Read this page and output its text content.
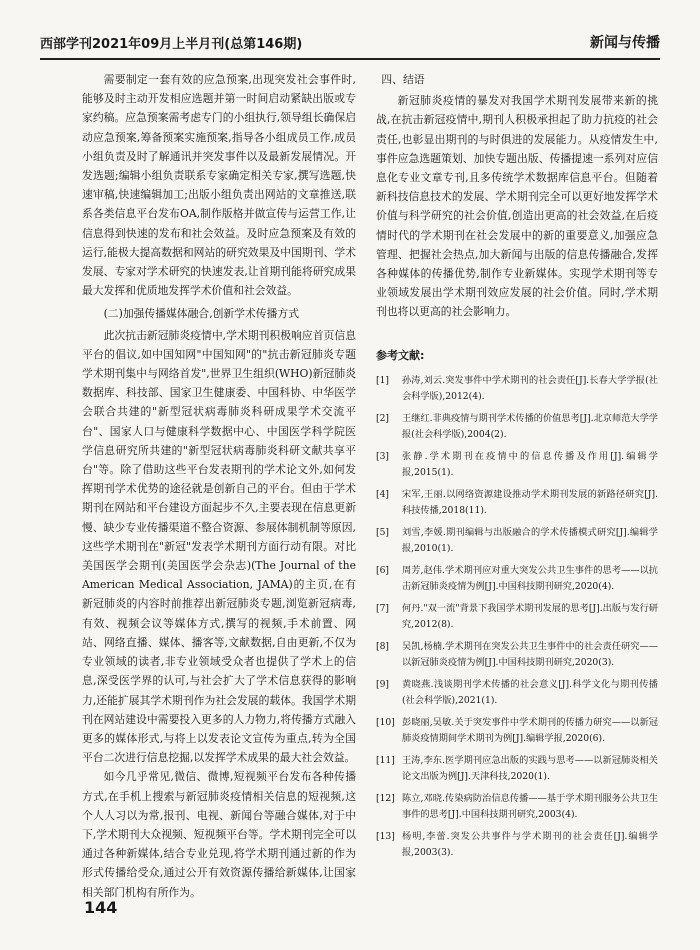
西部学刊2021年09月上半月刊(总第146期)	新闻与传播

需要制定一套有效的应急预案,出现突发社会事件时,能够及时主动开发相应选题并第一时间启动紧缺出版或专家约稿。应急预案需考虑专门的小组执行,领导组长确保启动应急预案,筹备预案实施预案,指导各小组成员工作,成员小组负责及时了解通讯并突发事件以及最新发展情况。开发选题;编辑小组负责联系专家确定相关专家,撰写选题,快速审稿,快速编辑加工;出版小组负责出网站的文章推送,联系各类信息平台发布OA,制作版格并做宣传与运营工作,让信息得到快速的发布和社会效益。及时应急预案及有效的运行,能极大提高数据和网站的研究效果及中国期刊、学术发展、专家对学术研究的快速发表,让首期刊能将研究成果最大发挥和优质地发挥学术价值和社会效益。

(二)加强传播媒体融合,创新学术传播方式

此次抗击新冠肺炎疫情中,学术期刊积极响应首页信息平台的倡议,如中国知网"中国知网"的"抗击新冠肺炎专题学术期刊集中与网络首发",世界卫生组织(WHO)新冠肺炎数据库、科技部、国家卫生健康委、中国科协、中华医学会联合共建的"新型冠状病毒肺炎科研成果学术交流平台"、国家人口与健康科学数据中心、中国医学科学院医学信息研究所共建的"新型冠状病毒肺炎科研文献共享平台"等。除了借助这些平台发表期刊的学术论文外,如何发挥期刊学术优势的途径就是创新自己的平台。但由于学术期刊在网站和平台建设方面起步不久,主要表现在信息更新慢、缺少专业传播渠道不整合资源、参展体制机制等原因,这些学术期刊在"新冠"发表学术期刊方面行动有限。对比美国医学会期刊(美国医学会杂志)(The Journal of the American Medical Association, JAMA)的主页,在有新冠肺炎的内容时前推荐出新冠肺炎专题,浏览新冠病毒,有效、视频会议等媒体方式,撰写的视频,手术前置、网站、网络直播、媒体、播客等,文献数据,自由更新,不仅为专业领域的读者,非专业领域受众者也提供了学术上的信息,深受医学界的认可,与社会扩大了学术信息获得的影响力,还能扩展其学术期刊作为社会发展的载体。我国学术期刊在网站建设中需要投入更多的人力物力,将传播方式融入更多的媒体形式,与将上以发表论文宣传为重点,转为全国平台二次进行信息挖掘,以发挥学术成果的最大社会效益。

如今几乎常见,微信、微博,短视频平台发布各种传播方式,在手机上搜索与新冠肺炎疫情相关信息的短视频,这个人人习以为常,报刊、电视、新闻台等融合媒体,对于中下,学术期刊大众视频、短视频平台等。学术期刊完全可以通过各种新媒体,结合专业兑现,将学术期刊通过新的作为形式传播给受众,通过公开有效资源传播给新媒体,让国家相关部门机构有所作为。

四、结语

新冠肺炎疫情的暴发对我国学术期刊发展带来新的挑战,在抗击新冠疫情中,期刊人积极承担起了助力抗疫的社会责任,也彰显出期刊的与时俱进的发展能力。从疫情发生中,事件应急选题策划、加快专题出版、传播提速一系列对应信息化专业文章专刊,且多传统学术数据库信息平台。但随着新科技信息技术的发展、学术期刊完全可以更好地发挥学术价值与科学研究的社会价值,创造出更高的社会效益,在后疫情时代的学术期刊在社会发展中的新的重要意义,加强应急管理、把握社会热点,加大新闻与出版的信息传播融合,发挥各种媒体的传播优势,制作专业新媒体。实现学术期刊等专业领域发展出学术期刊效应发展的社会价值。同时,学术期刊也将以更高的社会影响力。

参考文献:
[1] 孙涛,刘云.突发事件中学术期刊的社会责任[J].长春大学学报(社会科学版),2012(4).
[2] 王继红.非典疫情与期刊学术传播的价值思考[J].北京师范大学学报(社会科学版),2004(2).
[3] 张静.学术期刊在疫情中的信息传播及作用[J].编辑学报,2015(1).
[4] 宋军,王丽.以网络资源建设推动学术期刊发展的新路径研究[J].科技传播,2018(11).
[5] 刘雪,李媛.期刊编辑与出版融合的学术传播模式研究[J].编辑学报,2010(1).
[6] 周芳,赵伟.学术期刊应对重大突发公共卫生事件的思考——以抗击新冠肺炎疫情为例[J].中国科技期刊研究,2020(4).
[7] 何丹."双一流"背景下我国学术期刊发展的思考[J].出版与发行研究,2012(8).
[8] 吴凯,杨楠.学术期刊在突发公共卫生事件中的社会责任研究——以新冠肺炎疫情为例[J].中国科技期刊研究,2020(3).
[9] 黄晓燕.浅谈期刊学术传播的社会意义[J].科学文化与期刊传播(社会科学版),2021(1).
[10] 彭晓丽,吴敏.关于突发事件中学术期刊的传播力研究——以新冠肺炎疫情期间学术期刊为例[J].编辑学报,2020(6).
[11] 王涛,李东.医学期刊应急出版的实践与思考——以新冠肺炎相关论文出版为例[J].天津科技,2020(1).
[12] 陈立,邓晓.传染病防治信息传播——基于学术期刊服务公共卫生事件的思考[J].中国科技期刊研究,2003(4).
[13] 杨明,李蕾.突发公共事件与学术期刊的社会责任[J].编辑学报,2003(3).
144
